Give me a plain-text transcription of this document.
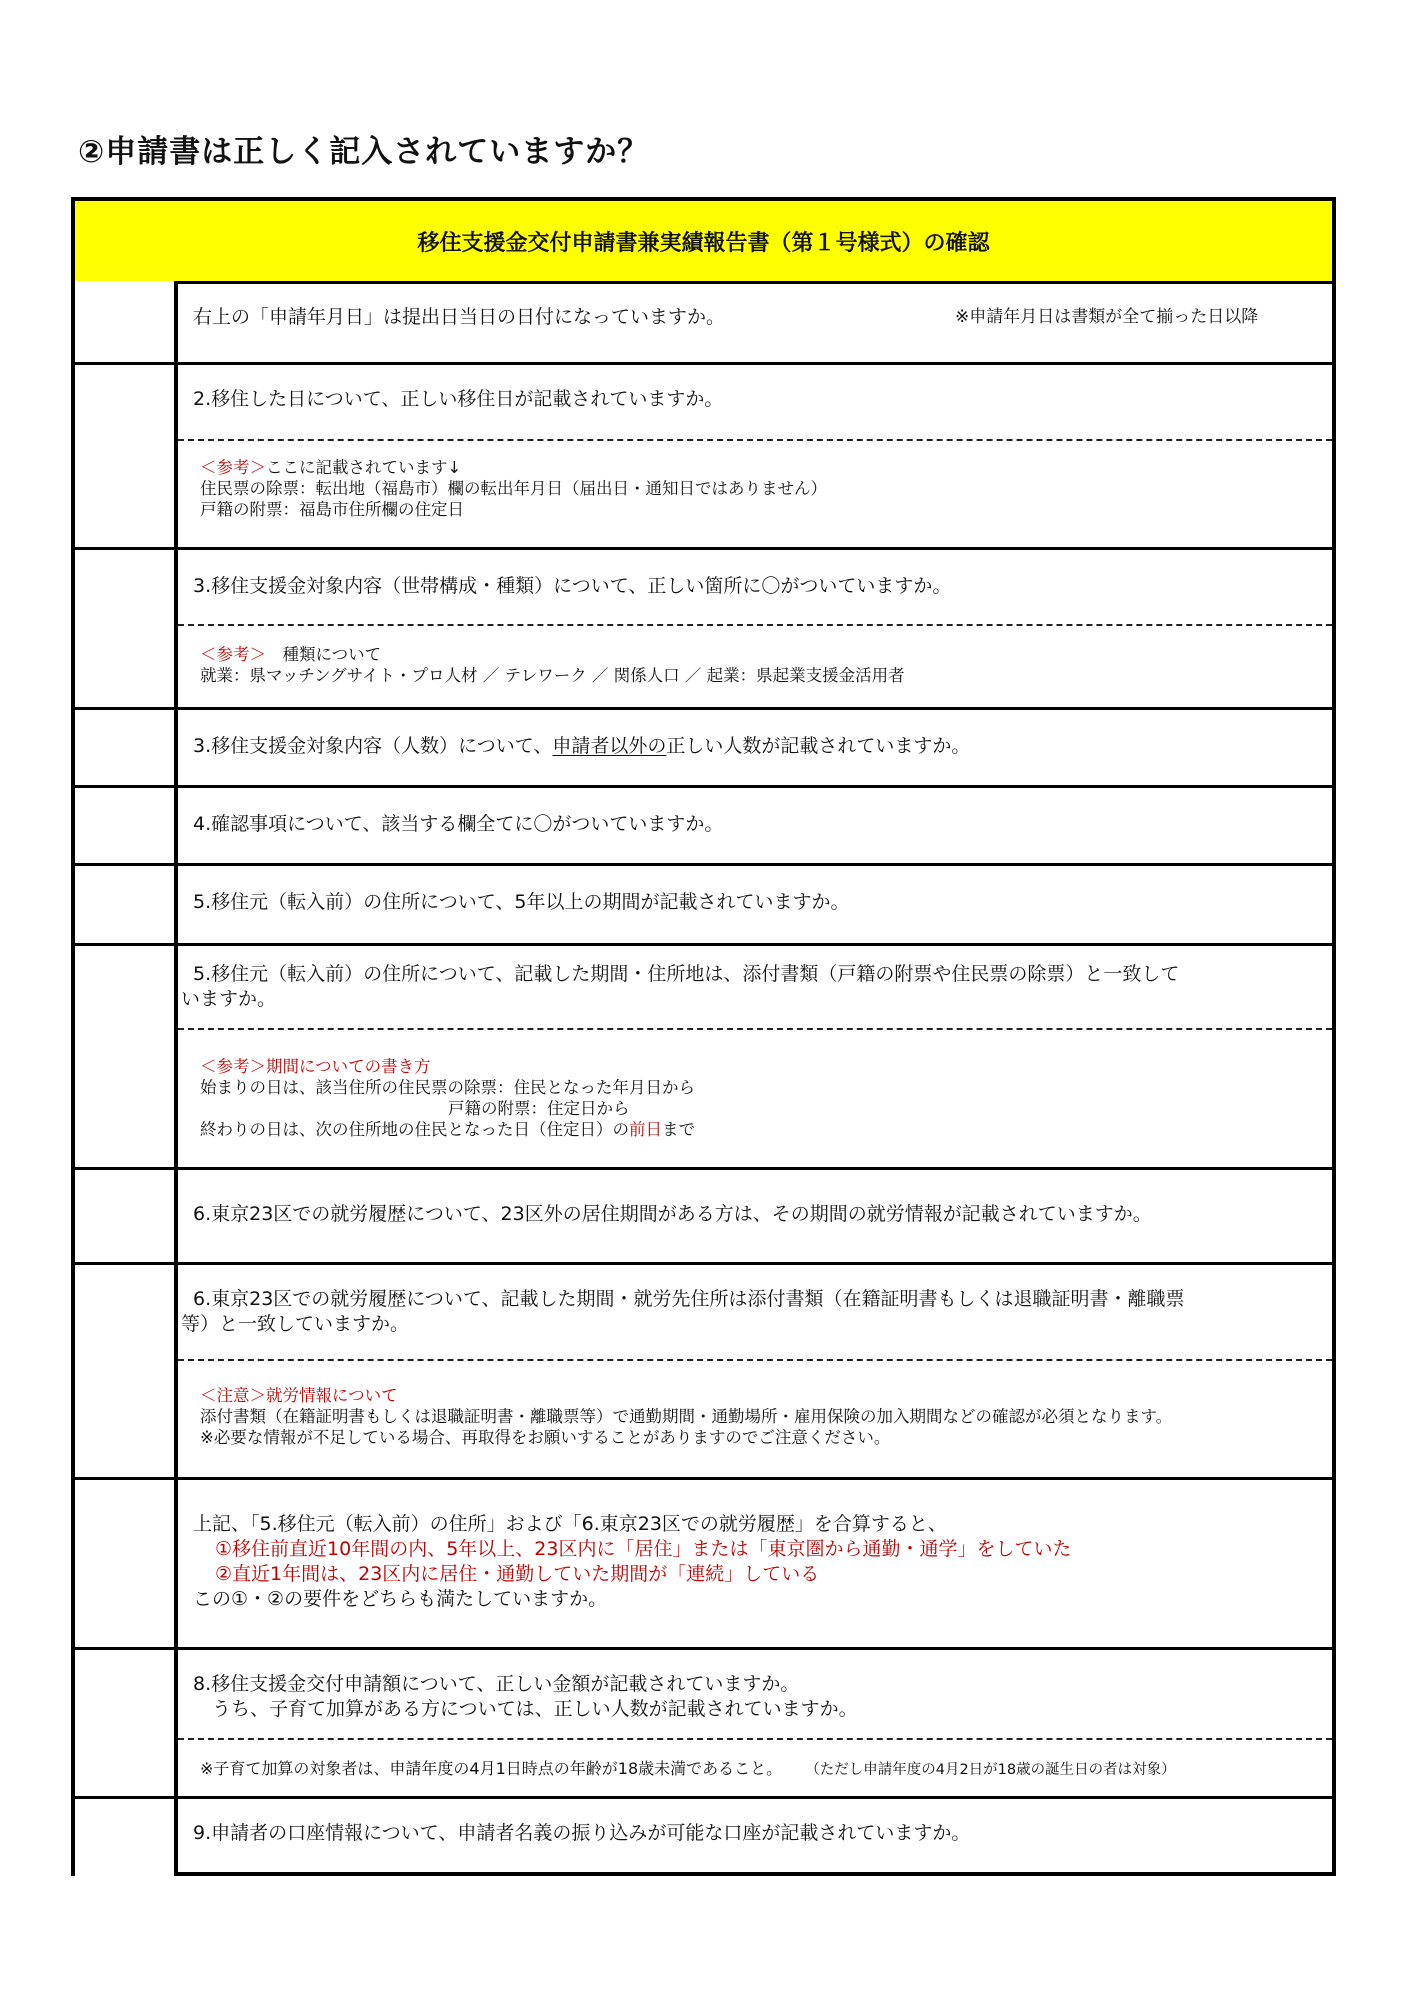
②申請書は正しく記入されていますか？
移住支援金交付申請書兼実績報告書（第１号様式）の確認
右上の「申請年月日」は提出日当日の日付になっていますか。	※申請年月日は書類が全て揃った日以降
2.移住した日について、正しい移住日が記載されていますか。
＜参考＞ここに記載されています↓
住民票の除票：転出地（福島市）欄の転出年月日（届出日・通知日ではありません）
戸籍の附票：福島市住所欄の住定日
3.移住支援金対象内容（世帯構成・種類）について、正しい箇所に〇がついていますか。
＜参考＞　種類について
就業：県マッチングサイト・プロ人材 ／ テレワーク ／ 関係人口 ／ 起業：県起業支援金活用者
3.移住支援金対象内容（人数）について、申請者以外の正しい人数が記載されていますか。
4.確認事項について、該当する欄全てに〇がついていますか。
5.移住元（転入前）の住所について、5年以上の期間が記載されていますか。
5.移住元（転入前）の住所について、記載した期間・住所地は、添付書類（戸籍の附票や住民票の除票）と一致して
いますか。
＜参考＞期間についての書き方
始まりの日は、該当住所の住民票の除票：住民となった年月日から
戸籍の附票：住定日から
終わりの日は、次の住所地の住民となった日（住定日）の前日まで
6.東京23区での就労履歴について、23区外の居住期間がある方は、その期間の就労情報が記載されていますか。
6.東京23区での就労履歴について、記載した期間・就労先住所は添付書類（在籍証明書もしくは退職証明書・離職票
等）と一致していますか。
＜注意＞就労情報について
添付書類（在籍証明書もしくは退職証明書・離職票等）で通勤期間・通勤場所・雇用保険の加入期間などの確認が必須となります。
※必要な情報が不足している場合、再取得をお願いすることがありますのでご注意ください。
上記、「5.移住元（転入前）の住所」および「6.東京23区での就労履歴」を合算すると、
①移住前直近10年間の内、5年以上、23区内に「居住」または「東京圏から通勤・通学」をしていた
②直近1年間は、23区内に居住・通勤していた期間が「連続」している
この①・②の要件をどちらも満たしていますか。
8.移住支援金交付申請額について、正しい金額が記載されていますか。
　うち、子育て加算がある方については、正しい人数が記載されていますか。
※子育て加算の対象者は、申請年度の4月1日時点の年齢が18歳未満であること。 （ただし申請年度の4月2日が18歳の誕生日の者は対象）
9.申請者の口座情報について、申請者名義の振り込みが可能な口座が記載されていますか。
